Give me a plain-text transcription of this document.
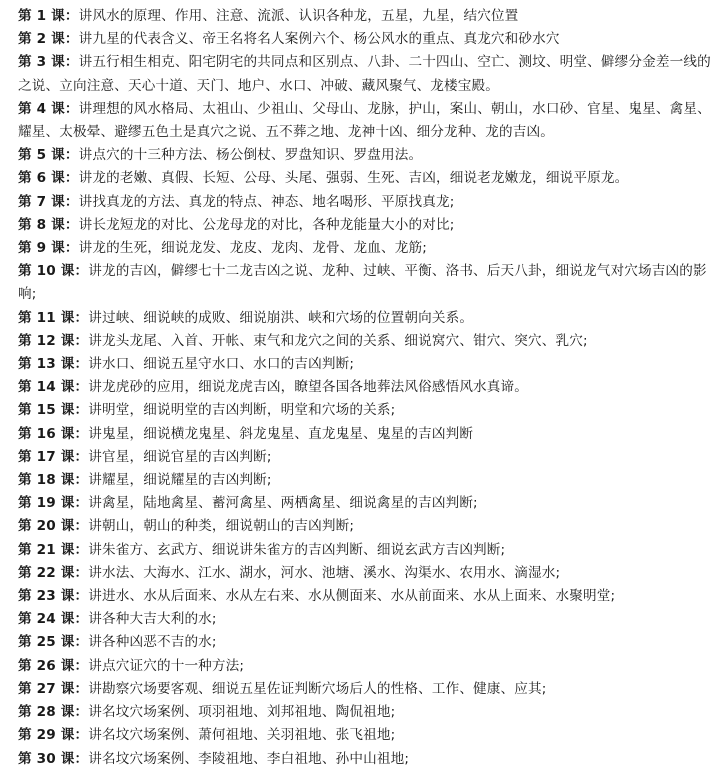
第 1 课：讲风水的原理、作用、注意、流派、认识各种龙，五星，九星，结穴位置
第 2 课：讲九星的代表含义、帝王名将名人案例六个、杨公风水的重点、真龙穴和砂水穴
第 3 课：讲五行相生相克、阳宅阴宅的共同点和区别点、八卦、二十四山、空亡、测坟、明堂、僻缪分金差一线的之说、立向注意、天心十道、天门、地户、水口、冲破、藏风聚气、龙楼宝殿。
第 4 课：讲理想的风水格局、太祖山、少祖山、父母山、龙脉，护山，案山、朝山，水口砂、官星、鬼星、禽星、耀星、太极晕、避缪五色土是真穴之说、五不葬之地、龙神十凶、细分龙种、龙的吉凶。
第 5 课：讲点穴的十三种方法、杨公倒杖、罗盘知识、罗盘用法。
第 6 课：讲龙的老嫩、真假、长短、公母、头尾、强弱、生死、吉凶，细说老龙嫩龙，细说平原龙。
第 7 课：讲找真龙的方法、真龙的特点、神态、地名喝形、平原找真龙;
第 8 课：讲长龙短龙的对比、公龙母龙的对比，各种龙能量大小的对比;
第 9 课：讲龙的生死，细说龙发、龙皮、龙肉、龙骨、龙血、龙筋;
第 10 课：讲龙的吉凶，僻缪七十二龙吉凶之说、龙种、过峡、平衡、洛书、后天八卦，细说龙气对穴场吉凶的影响;
第 11 课：讲过峡、细说峡的成败、细说崩洪、峡和穴场的位置朝向关系。
第 12 课：讲龙头龙尾、入首、开帐、束气和龙穴之间的关系、细说窝穴、钳穴、突穴、乳穴;
第 13 课：讲水口、细说五星守水口、水口的吉凶判断;
第 14 课：讲龙虎砂的应用，细说龙虎吉凶，瞭望各国各地葬法风俗感悟风水真谛。
第 15 课：讲明堂，细说明堂的吉凶判断，明堂和穴场的关系;
第 16 课：讲鬼星，细说横龙鬼星、斜龙鬼星、直龙鬼星、鬼星的吉凶判断
第 17 课：讲官星，细说官星的吉凶判断;
第 18 课：讲耀星，细说耀星的吉凶判断;
第 19 课：讲禽星，陆地禽星、蓄河禽星、两栖禽星、细说禽星的吉凶判断;
第 20 课：讲朝山，朝山的种类，细说朝山的吉凶判断;
第 21 课：讲朱雀方、玄武方、细说讲朱雀方的吉凶判断、细说玄武方吉凶判断;
第 22 课：讲水法、大海水、江水、湖水，河水、池塘、溪水、沟渠水、农用水、滴湿水;
第 23 课：讲进水、水从后面来、水从左右来、水从侧面来、水从前面来、水从上面来、水聚明堂;
第 24 课：讲各种大吉大利的水;
第 25 课：讲各种凶恶不吉的水;
第 26 课：讲点穴证穴的十一种方法;
第 27 课：讲勘察穴场要客观、细说五星佐证判断穴场后人的性格、工作、健康、应其;
第 28 课：讲名坟穴场案例、项羽祖地、刘邦祖地、陶侃祖地;
第 29 课：讲名坟穴场案例、萧何祖地、关羽祖地、张飞祖地;
第 30 课：讲名坟穴场案例、李陵祖地、李白祖地、孙中山祖地;
